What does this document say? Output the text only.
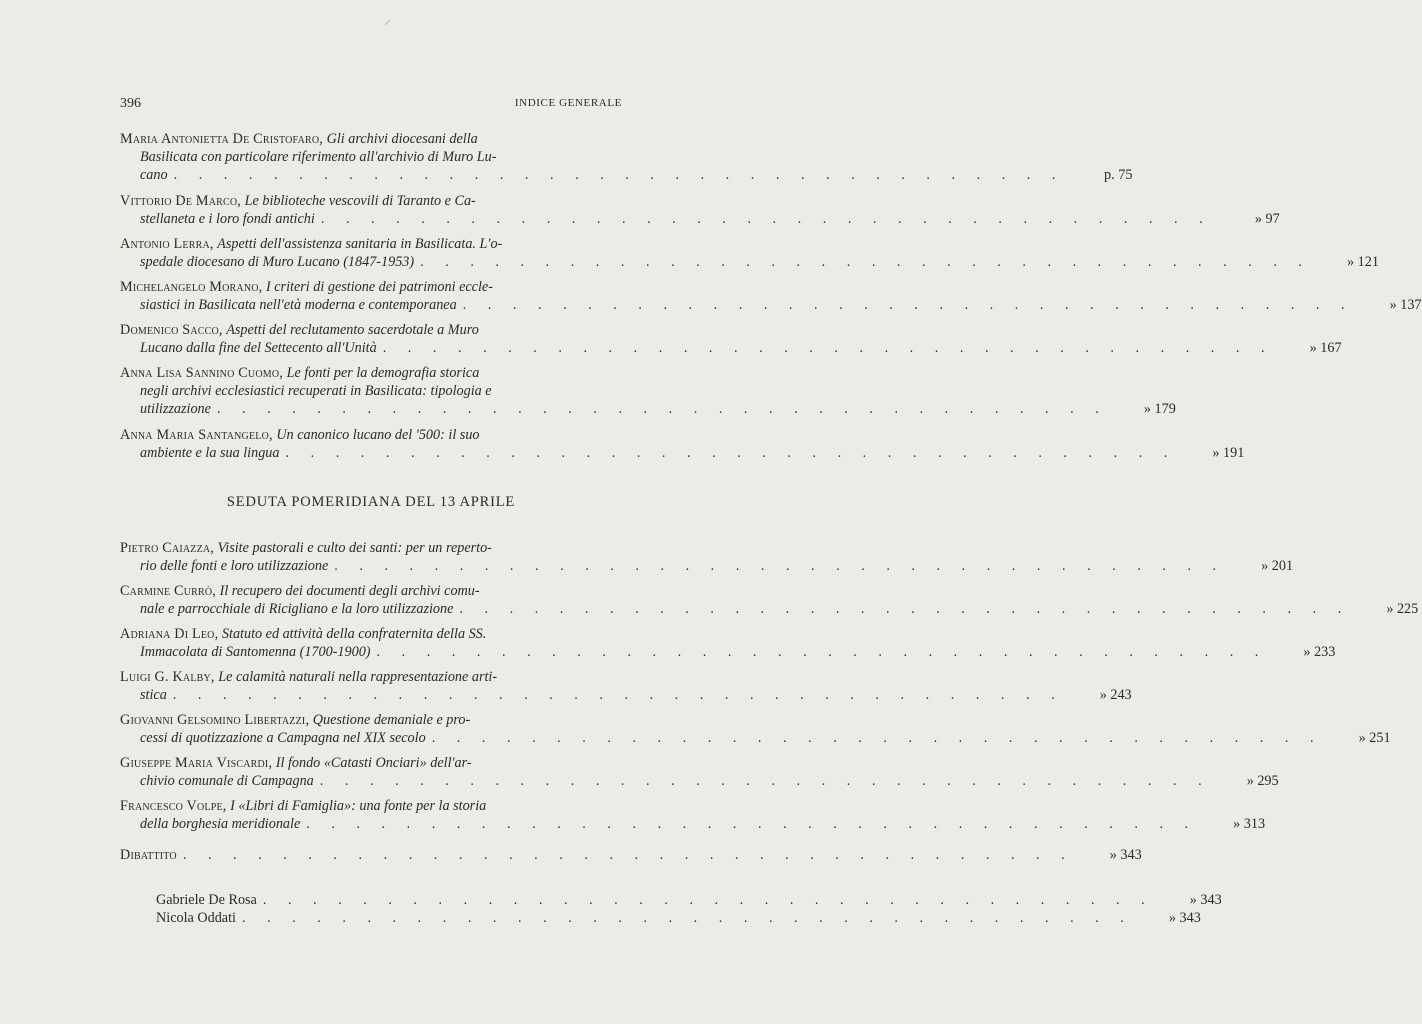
⸝
396	INDICE GENERALE
Maria Antonietta De Cristofaro, Gli archivi diocesani della
Basilicata con particolare riferimento all'archivio di Muro Lu-
cano . . . . . . . . . . . . . . . . . . . . . . . . . . . . . . . . . . . .	p. 75
Vittorio De Marco, Le biblioteche vescovili di Taranto e Ca-
stellaneta e i loro fondi antichi . . . . . . . . . . . . . . . . . . . . . . . . . . . . . . . . . . . .	» 97
Antonio Lerra, Aspetti dell'assistenza sanitaria in Basilicata. L'o-
spedale diocesano di Muro Lucano (1847-1953) . . . . . . . . . . . . . . . . . . . . . . . . . . . . . . . . . . . .	» 121
Michelangelo Morano, I criteri di gestione dei patrimoni eccle-
siastici in Basilicata nell'età moderna e contemporanea . . . . . . . . . . . . . . . . . . . . . . . . . . . . . . . . . . . .	» 137
Domenico Sacco, Aspetti del reclutamento sacerdotale a Muro
Lucano dalla fine del Settecento all'Unità . . . . . . . . . . . . . . . . . . . . . . . . . . . . . . . . . . . .	» 167
Anna Lisa Sannino Cuomo, Le fonti per la demografia storica
negli archivi ecclesiastici recuperati in Basilicata: tipologia e
utilizzazione . . . . . . . . . . . . . . . . . . . . . . . . . . . . . . . . . . . .	» 179
Anna Maria Santangelo, Un canonico lucano del '500: il suo
ambiente e la sua lingua . . . . . . . . . . . . . . . . . . . . . . . . . . . . . . . . . . . .	» 191
SEDUTA POMERIDIANA DEL 13 APRILE
Pietro Caiazza, Visite pastorali e culto dei santi: per un reperto-
rio delle fonti e loro utilizzazione . . . . . . . . . . . . . . . . . . . . . . . . . . . . . . . . . . . .	» 201
Carmine Currò, Il recupero dei documenti degli archivi comu-
nale e parrocchiale di Ricigliano e la loro utilizzazione . . . . . . . . . . . . . . . . . . . . . . . . . . . . . . . . . . . .	» 225
Adriana Di Leo, Statuto ed attività della confraternita della SS.
Immacolata di Santomenna (1700-1900) . . . . . . . . . . . . . . . . . . . . . . . . . . . . . . . . . . . .	» 233
Luigi G. Kalby, Le calamità naturali nella rappresentazione arti-
stica . . . . . . . . . . . . . . . . . . . . . . . . . . . . . . . . . . . .	» 243
Giovanni Gelsomino Libertazzi, Questione demaniale e pro-
cessi di quotizzazione a Campagna nel XIX secolo . . . . . . . . . . . . . . . . . . . . . . . . . . . . . . . . . . . .	» 251
Giuseppe Maria Viscardi, Il fondo «Catasti Onciari» dell'ar-
chivio comunale di Campagna . . . . . . . . . . . . . . . . . . . . . . . . . . . . . . . . . . . .	» 295
Francesco Volpe, I «Libri di Famiglia»: una fonte per la storia
della borghesia meridionale . . . . . . . . . . . . . . . . . . . . . . . . . . . . . . . . . . . .	» 313
Dibattito . . . . . . . . . . . . . . . . . . . . . . . . . . . . . . . . . . . .	» 343
Gabriele De Rosa . . . . . . . . . . . . . . . . . . . . . . . . . . . . . . . . . . . .	» 343
Nicola Oddati . . . . . . . . . . . . . . . . . . . . . . . . . . . . . . . . . . . .	» 343
